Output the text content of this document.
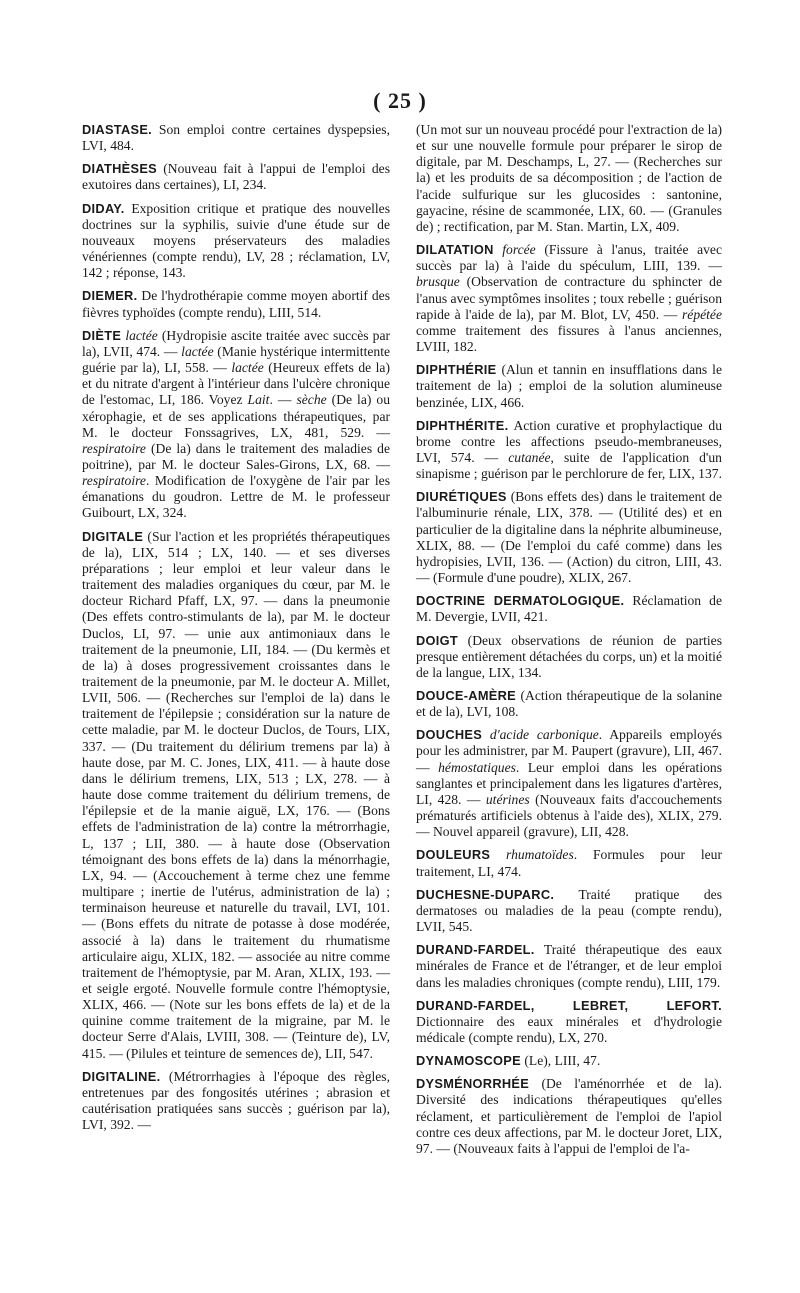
( 25 )

DIASTASE. Son emploi contre certaines dyspepsies, LVI, 484.

DIATHÈSES (Nouveau fait à l'appui de l'emploi des exutoires dans certaines), LI, 234.

DIDAY. Exposition critique et pratique des nouvelles doctrines sur la syphilis, suivie d'une étude sur de nouveaux moyens préservateurs des maladies vénériennes (compte rendu), LV, 28 ; réclamation, LV, 142 ; réponse, 143.

DIEMER. De l'hydrothérapie comme moyen abortif des fièvres typhoïdes (compte rendu), LIII, 514.

DIÈTE lactée (Hydropisie ascite traitée avec succès par la), LVII, 474. — lactée (Manie hystérique intermittente guérie par la), LI, 558. — lactée (Heureux effets de la) et du nitrate d'argent à l'intérieur dans l'ulcère chronique de l'estomac, LI, 186. Voyez Lait. — sèche (De la) ou xérophagie, et de ses applications thérapeutiques, par M. le docteur Fonssagrives, LX, 481, 529. — respiratoire (De la) dans le traitement des maladies de poitrine), par M. le docteur Sales-Girons, LX, 68. — respiratoire. Modification de l'oxygène de l'air par les émanations du goudron. Lettre de M. le professeur Guibourt, LX, 324.

DIGITALE (Sur l'action et les propriétés thérapeutiques de la), LIX, 514 ; LX, 140. — et ses diverses préparations ; leur emploi et leur valeur dans le traitement des maladies organiques du cœur, par M. le docteur Richard Pfaff, LX, 97. — dans la pneumonie (Des effets contro-stimulants de la), par M. le docteur Duclos, LI, 97. — unie aux antimoniaux dans le traitement de la pneumonie, LII, 184. — (Du kermès et de la) à doses progressivement croissantes dans le traitement de la pneumonie, par M. le docteur A. Millet, LVII, 506. — (Recherches sur l'emploi de la) dans le traitement de l'épilepsie ; considération sur la nature de cette maladie, par M. le docteur Duclos, de Tours, LIX, 337. — (Du traitement du délirium tremens par la) à haute dose, par M. C. Jones, LIX, 411. — à haute dose dans le délirium tremens, LIX, 513 ; LX, 278. — à haute dose comme traitement du délirium tremens, de l'épilepsie et de la manie aiguë, LX, 176. — (Bons effets de l'administration de la) contre la métrorrhagie, L, 137 ; LII, 380. — à haute dose (Observation témoignant des bons effets de la) dans la ménorrhagie, LX, 94. — (Accouchement à terme chez une femme multipare ; inertie de l'utérus, administration de la) ; terminaison heureuse et naturelle du travail, LVI, 101. — (Bons effets du nitrate de potasse à dose modérée, associé à la) dans le traitement du rhumatisme articulaire aigu, XLIX, 182. — associée au nitre comme traitement de l'hémoptysie, par M. Aran, XLIX, 193. — et seigle ergoté. Nouvelle formule contre l'hémoptysie, XLIX, 466. — (Note sur les bons effets de la) et de la quinine comme traitement de la migraine, par M. le docteur Serre d'Alais, LVIII, 308. — (Teinture de), LV, 415. — (Pilules et teinture de semences de), LII, 547.

DIGITALINE. (Métrorrhagies à l'époque des règles, entretenues par des fongosités utérines ; abrasion et cautérisation pratiquées sans succès ; guérison par la), LVI, 392. —

(Un mot sur un nouveau procédé pour l'extraction de la) et sur une nouvelle formule pour préparer le sirop de digitale, par M. Deschamps, L, 27. — (Recherches sur la) et les produits de sa décomposition ; de l'action de l'acide sulfurique sur les glucosides : santonine, gayacine, résine de scammonée, LIX, 60. — (Granules de) ; rectification, par M. Stan. Martin, LX, 409.

DILATATION forcée (Fissure à l'anus, traitée avec succès par la) à l'aide du spéculum, LIII, 139. — brusque (Observation de contracture du sphincter de l'anus avec symptômes insolites ; toux rebelle ; guérison rapide à l'aide de la), par M. Blot, LV, 450. — répétée comme traitement des fissures à l'anus anciennes, LVIII, 182.

DIPHTHÉRIE (Alun et tannin en insufflations dans le traitement de la) ; emploi de la solution alumineuse benzinée, LIX, 466.

DIPHTHÉRITE. Action curative et prophylactique du brome contre les affections pseudo-membraneuses, LVI, 574. — cutanée, suite de l'application d'un sinapisme ; guérison par le perchlorure de fer, LIX, 137.

DIURÉTIQUES (Bons effets des) dans le traitement de l'albuminurie rénale, LIX, 378. — (Utilité des) et en particulier de la digitaline dans la néphrite albumineuse, XLIX, 88. — (De l'emploi du café comme) dans les hydropisies, LVII, 136. — (Action) du citron, LIII, 43. — (Formule d'une poudre), XLIX, 267.

DOCTRINE DERMATOLOGIQUE. Réclamation de M. Devergie, LVII, 421.

DOIGT (Deux observations de réunion de parties presque entièrement détachées du corps, un) et la moitié de la langue, LIX, 134.

DOUCE-AMÈRE (Action thérapeutique de la solanine et de la), LVI, 108.

DOUCHES d'acide carbonique. Appareils employés pour les administrer, par M. Paupert (gravure), LII, 467. — hémostatiques. Leur emploi dans les opérations sanglantes et principalement dans les ligatures d'artères, LI, 428. — utérines (Nouveaux faits d'accouchements prématurés artificiels obtenus à l'aide des), XLIX, 279. — Nouvel appareil (gravure), LII, 428.

DOULEURS rhumatoïdes. Formules pour leur traitement, LI, 474.

DUCHESNE-DUPARC. Traité pratique des dermatoses ou maladies de la peau (compte rendu), LVII, 545.

DURAND-FARDEL. Traité thérapeutique des eaux minérales de France et de l'étranger, et de leur emploi dans les maladies chroniques (compte rendu), LIII, 179.

DURAND-FARDEL, LEBRET, LEFORT. Dictionnaire des eaux minérales et d'hydrologie médicale (compte rendu), LX, 270.

DYNAMOSCOPE (Le), LIII, 47.

DYSMÉNORRHÉE (De l'aménorrhée et de la). Diversité des indications thérapeutiques qu'elles réclament, et particulièrement de l'emploi de l'apiol contre ces deux affections, par M. le docteur Joret, LIX, 97. — (Nouveaux faits à l'appui de l'emploi de l'a-
